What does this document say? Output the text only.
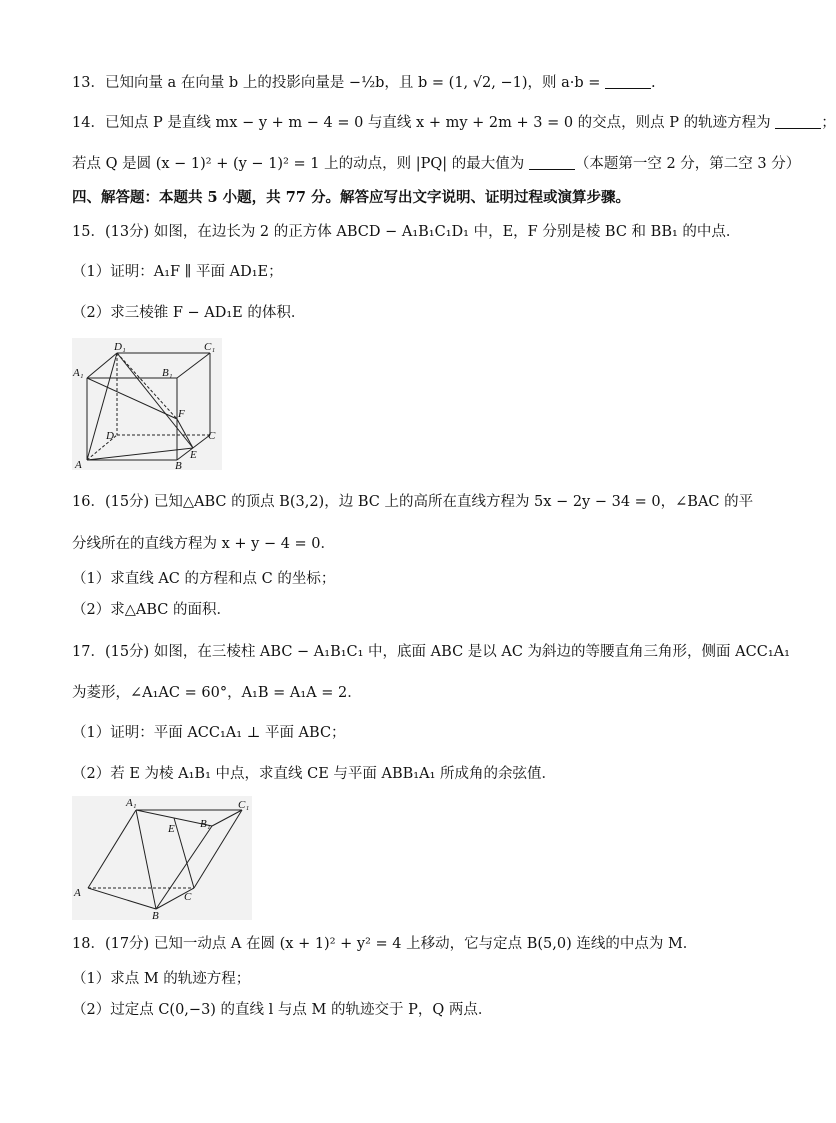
13．已知向量 a 在向量 b 上的投影向量是 −½b，且 b = (1, √2, −1)，则 a·b =	.
14．已知点 P 是直线 mx − y + m − 4 = 0 与直线 x + my + 2m + 3 = 0 的交点，则点 P 的轨迹方程为	；
若点 Q 是圆 (x − 1)² + (y − 1)² = 1 上的动点，则 |PQ| 的最大值为	（本题第一空 2 分，第二空 3 分）
四、解答题：本题共 5 小题，共 77 分。解答应写出文字说明、证明过程或演算步骤。
15．(13分) 如图，在边长为 2 的正方体 ABCD − A₁B₁C₁D₁ 中，E，F 分别是棱 BC 和 BB₁ 的中点．
（1）证明：A₁F ∥ 平面 AD₁E；
（2）求三棱锥 F − AD₁E 的体积．
D₁	C₁
A₁	B₁
F
D	C
E
A	B
16．(15分) 已知△ABC 的顶点 B(3,2)，边 BC 上的高所在直线方程为 5x − 2y − 34 = 0，∠BAC 的平
分线所在的直线方程为 x + y − 4 = 0．
（1）求直线 AC 的方程和点 C 的坐标；
（2）求△ABC 的面积．
17．(15分) 如图，在三棱柱 ABC − A₁B₁C₁ 中，底面 ABC 是以 AC 为斜边的等腰直角三角形，侧面 ACC₁A₁
为菱形，∠A₁AC = 60°，A₁B = A₁A = 2．
（1）证明：平面 ACC₁A₁ ⊥ 平面 ABC；
（2）若 E 为棱 A₁B₁ 中点，求直线 CE 与平面 ABB₁A₁ 所成角的余弦值．
A₁	C₁
E B₁
A	C
B
18．(17分) 已知一动点 A 在圆 (x + 1)² + y² = 4 上移动，它与定点 B(5,0) 连线的中点为 M．
（1）求点 M 的轨迹方程；
（2）过定点 C(0,−3) 的直线 l 与点 M 的轨迹交于 P，Q 两点．
